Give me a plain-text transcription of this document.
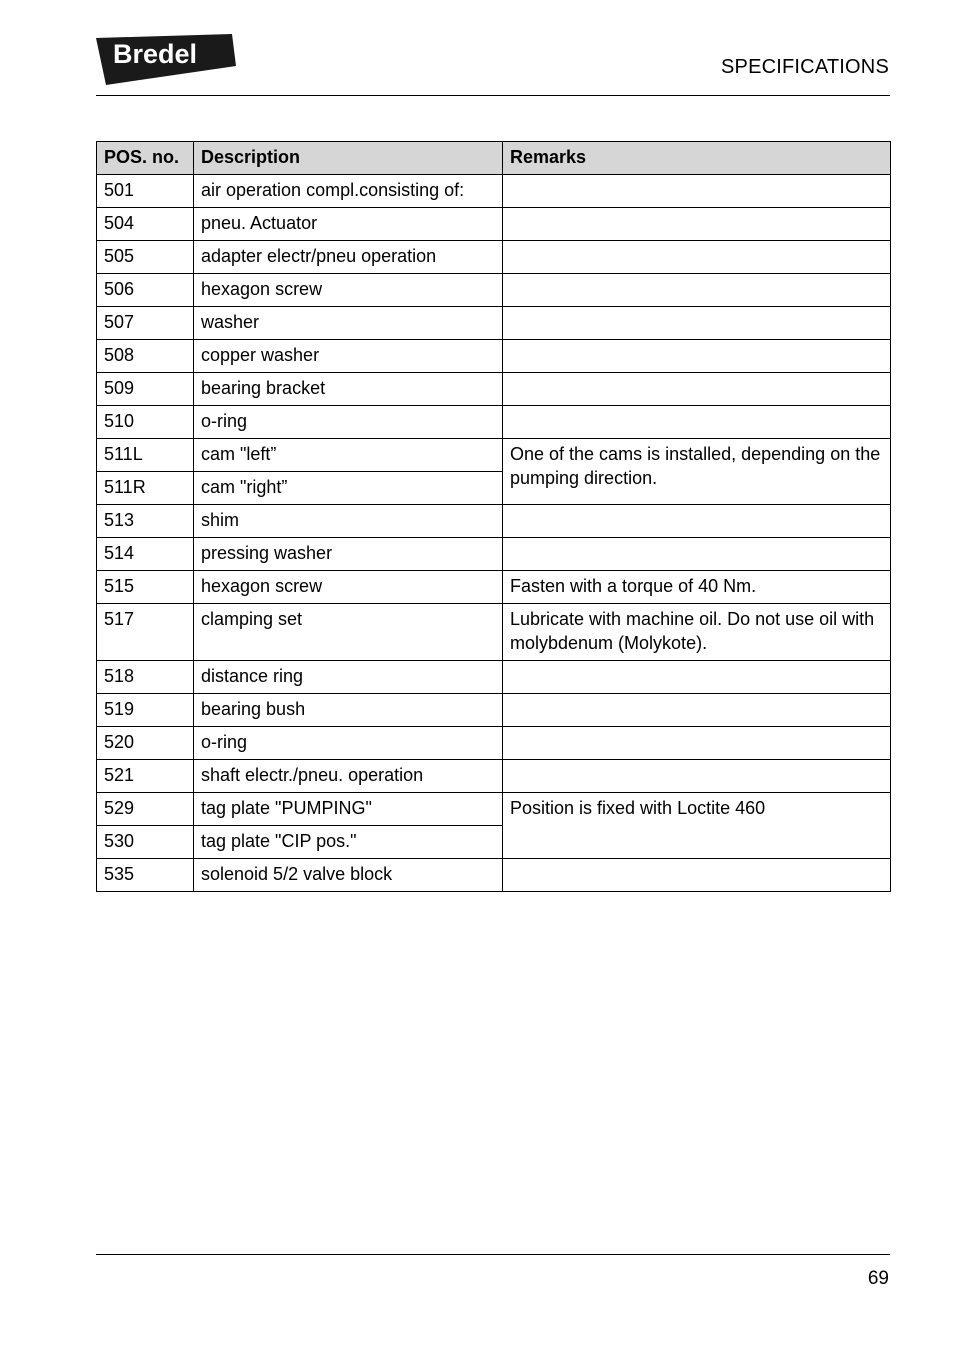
Bredel	SPECIFICATIONS
POS. no.	Description	Remarks
501	air operation compl.consisting of:	
504	pneu. Actuator	
505	adapter electr/pneu operation	
506	hexagon screw	
507	washer	
508	copper washer	
509	bearing bracket	
510	o-ring	
511L	cam "left”	One of the cams is installed, depending on the pumping direction.
511R	cam "right”	
513	shim	
514	pressing washer	
515	hexagon screw	Fasten with a torque of 40 Nm.
517	clamping set	Lubricate with machine oil. Do not use oil with molybdenum (Molykote).
518	distance ring	
519	bearing bush	
520	o-ring	
521	shaft electr./pneu. operation	
529	tag plate "PUMPING"	Position is fixed with Loctite 460
530	tag plate "CIP pos."	
535	solenoid 5/2 valve block	
69
